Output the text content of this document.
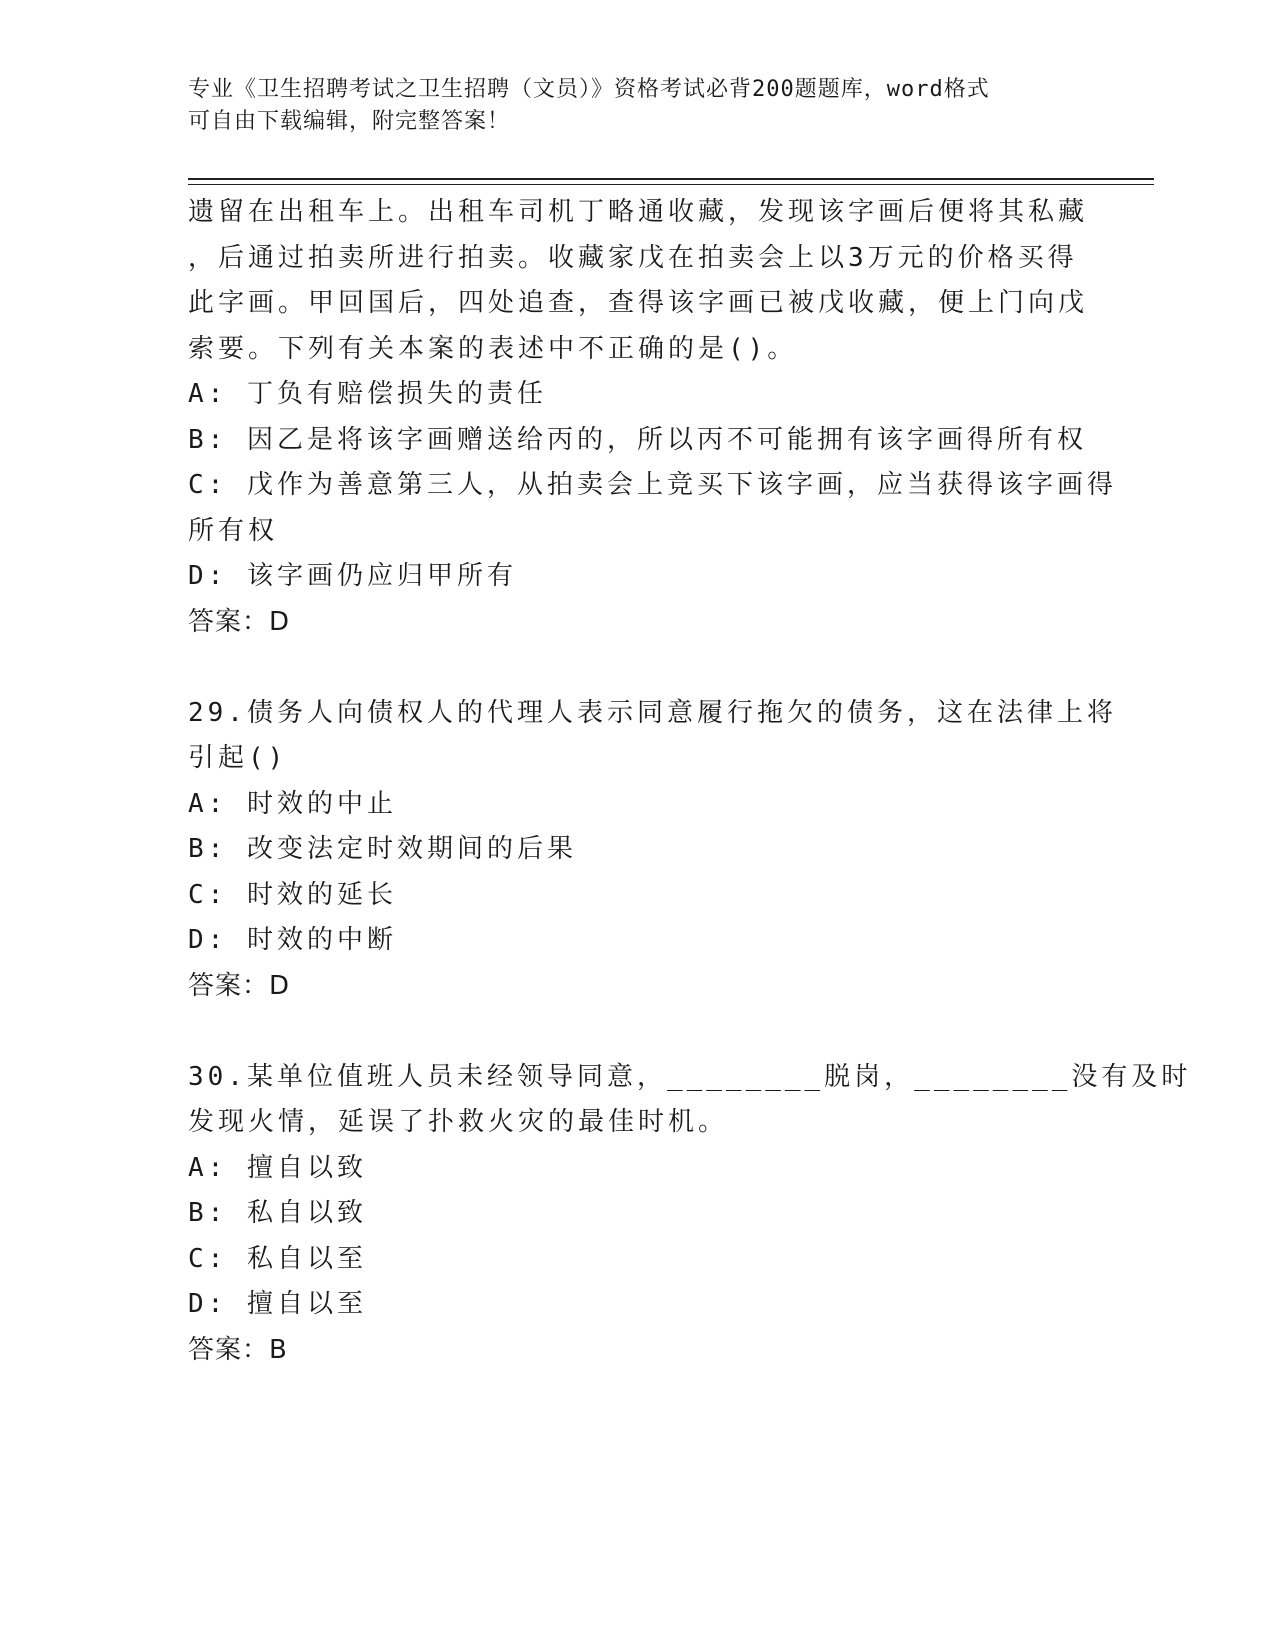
专业《卫生招聘考试之卫生招聘（文员）》资格考试必背200题题库，word格式
可自由下载编辑，附完整答案！
遗留在出租车上。出租车司机丁略通收藏，发现该字画后便将其私藏
，后通过拍卖所进行拍卖。收藏家戊在拍卖会上以3万元的价格买得
此字画。甲回国后，四处追查，查得该字画已被戊收藏，便上门向戊
索要。下列有关本案的表述中不正确的是()。
A: 丁负有赔偿损失的责任
B: 因乙是将该字画赠送给丙的，所以丙不可能拥有该字画得所有权
C: 戊作为善意第三人，从拍卖会上竞买下该字画，应当获得该字画得
所有权
D: 该字画仍应归甲所有
答案：D
29.债务人向债权人的代理人表示同意履行拖欠的债务，这在法律上将
引起()
A: 时效的中止
B: 改变法定时效期间的后果
C: 时效的延长
D: 时效的中断
答案：D
30.某单位值班人员未经领导同意，________脱岗，________没有及时
发现火情，延误了扑救火灾的最佳时机。
A: 擅自以致
B: 私自以致
C: 私自以至
D: 擅自以至
答案：B
